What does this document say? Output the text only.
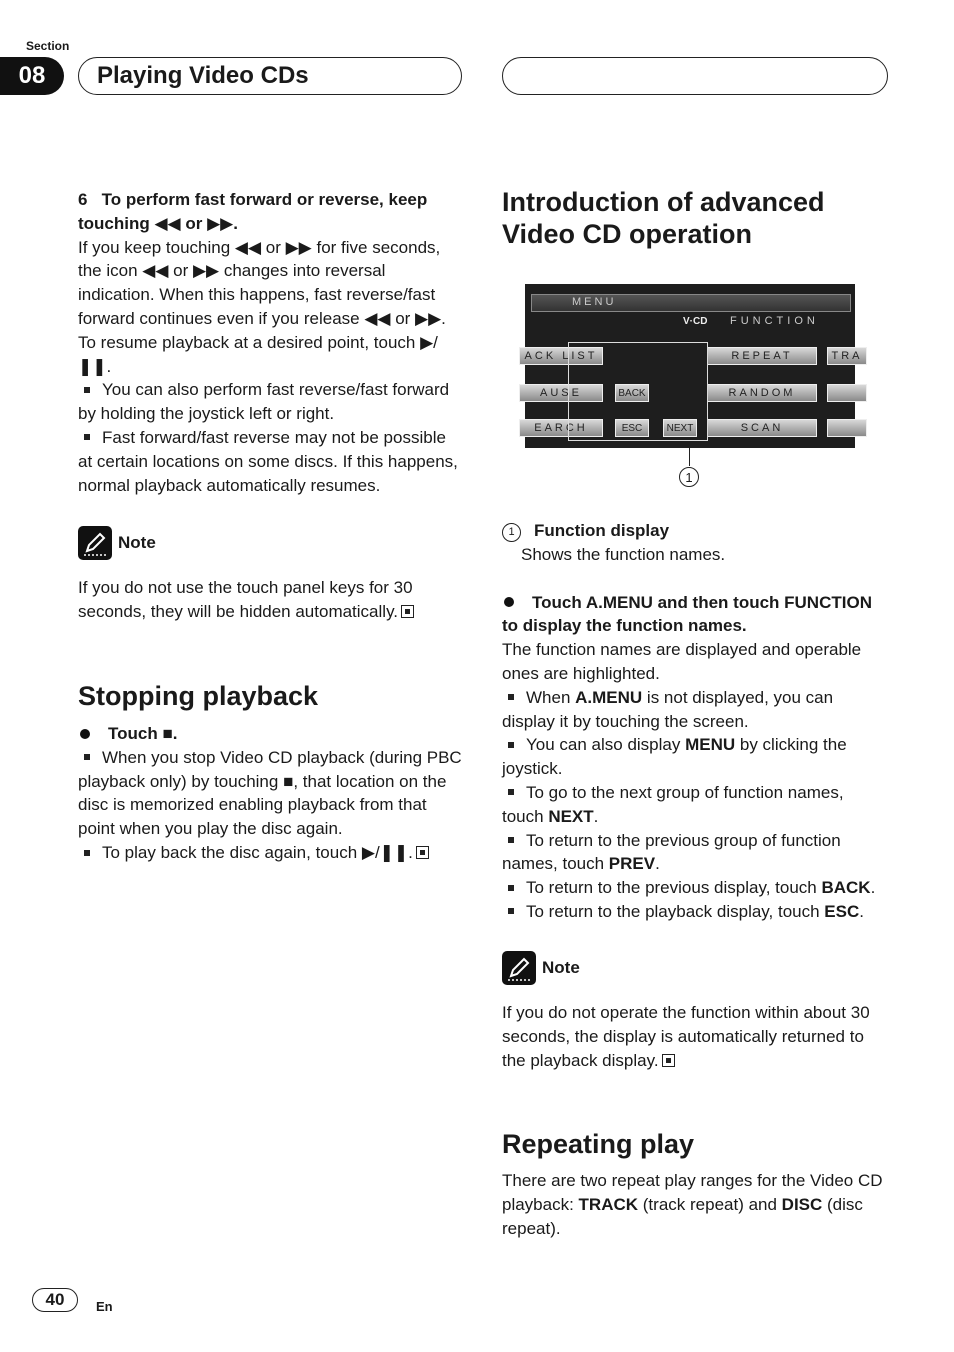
Section
08	Playing Video CDs

6   To perform fast forward or reverse, keep touching ◀◀ or ▶▶.

If you keep touching ◀◀ or ▶▶ for five seconds, the icon ◀◀ or ▶▶ changes into reversal indication. When this happens, fast reverse/fast forward continues even if you release ◀◀ or ▶▶. To resume playback at a desired point, touch ▶/❚❚.

You can also perform fast reverse/fast forward by holding the joystick left or right.

Fast forward/fast reverse may not be possible at certain locations on some discs. If this happens, normal playback automatically resumes.

Note

If you do not use the touch panel keys for 30 seconds, they will be hidden automatically.

Stopping playback

Touch ■.

When you stop Video CD playback (during PBC playback only) by touching ■, that location on the disc is memorized enabling playback from that point when you play the disc again.

To play back the disc again, touch ▶/❚❚.

Introduction of advanced Video CD operation
MENU
V·CD FUNCTION
ACK LIST
AUSE
EARCH
BACK
ESC	NEXT
REPEAT
RANDOM
SCAN
TRA
1

1 Function display

Shows the function names.

Touch A.MENU and then touch FUNCTION to display the function names.

The function names are displayed and operable ones are highlighted.

When A.MENU is not displayed, you can display it by touching the screen.

You can also display MENU by clicking the joystick.

To go to the next group of function names, touch NEXT.

To return to the previous group of function names, touch PREV.

To return to the previous display, touch BACK.

To return to the playback display, touch ESC.

Note

If you do not operate the function within about 30 seconds, the display is automatically returned to the playback display.

Repeating play

There are two repeat play ranges for the Video CD playback: TRACK (track repeat) and DISC (disc repeat).

40	En
